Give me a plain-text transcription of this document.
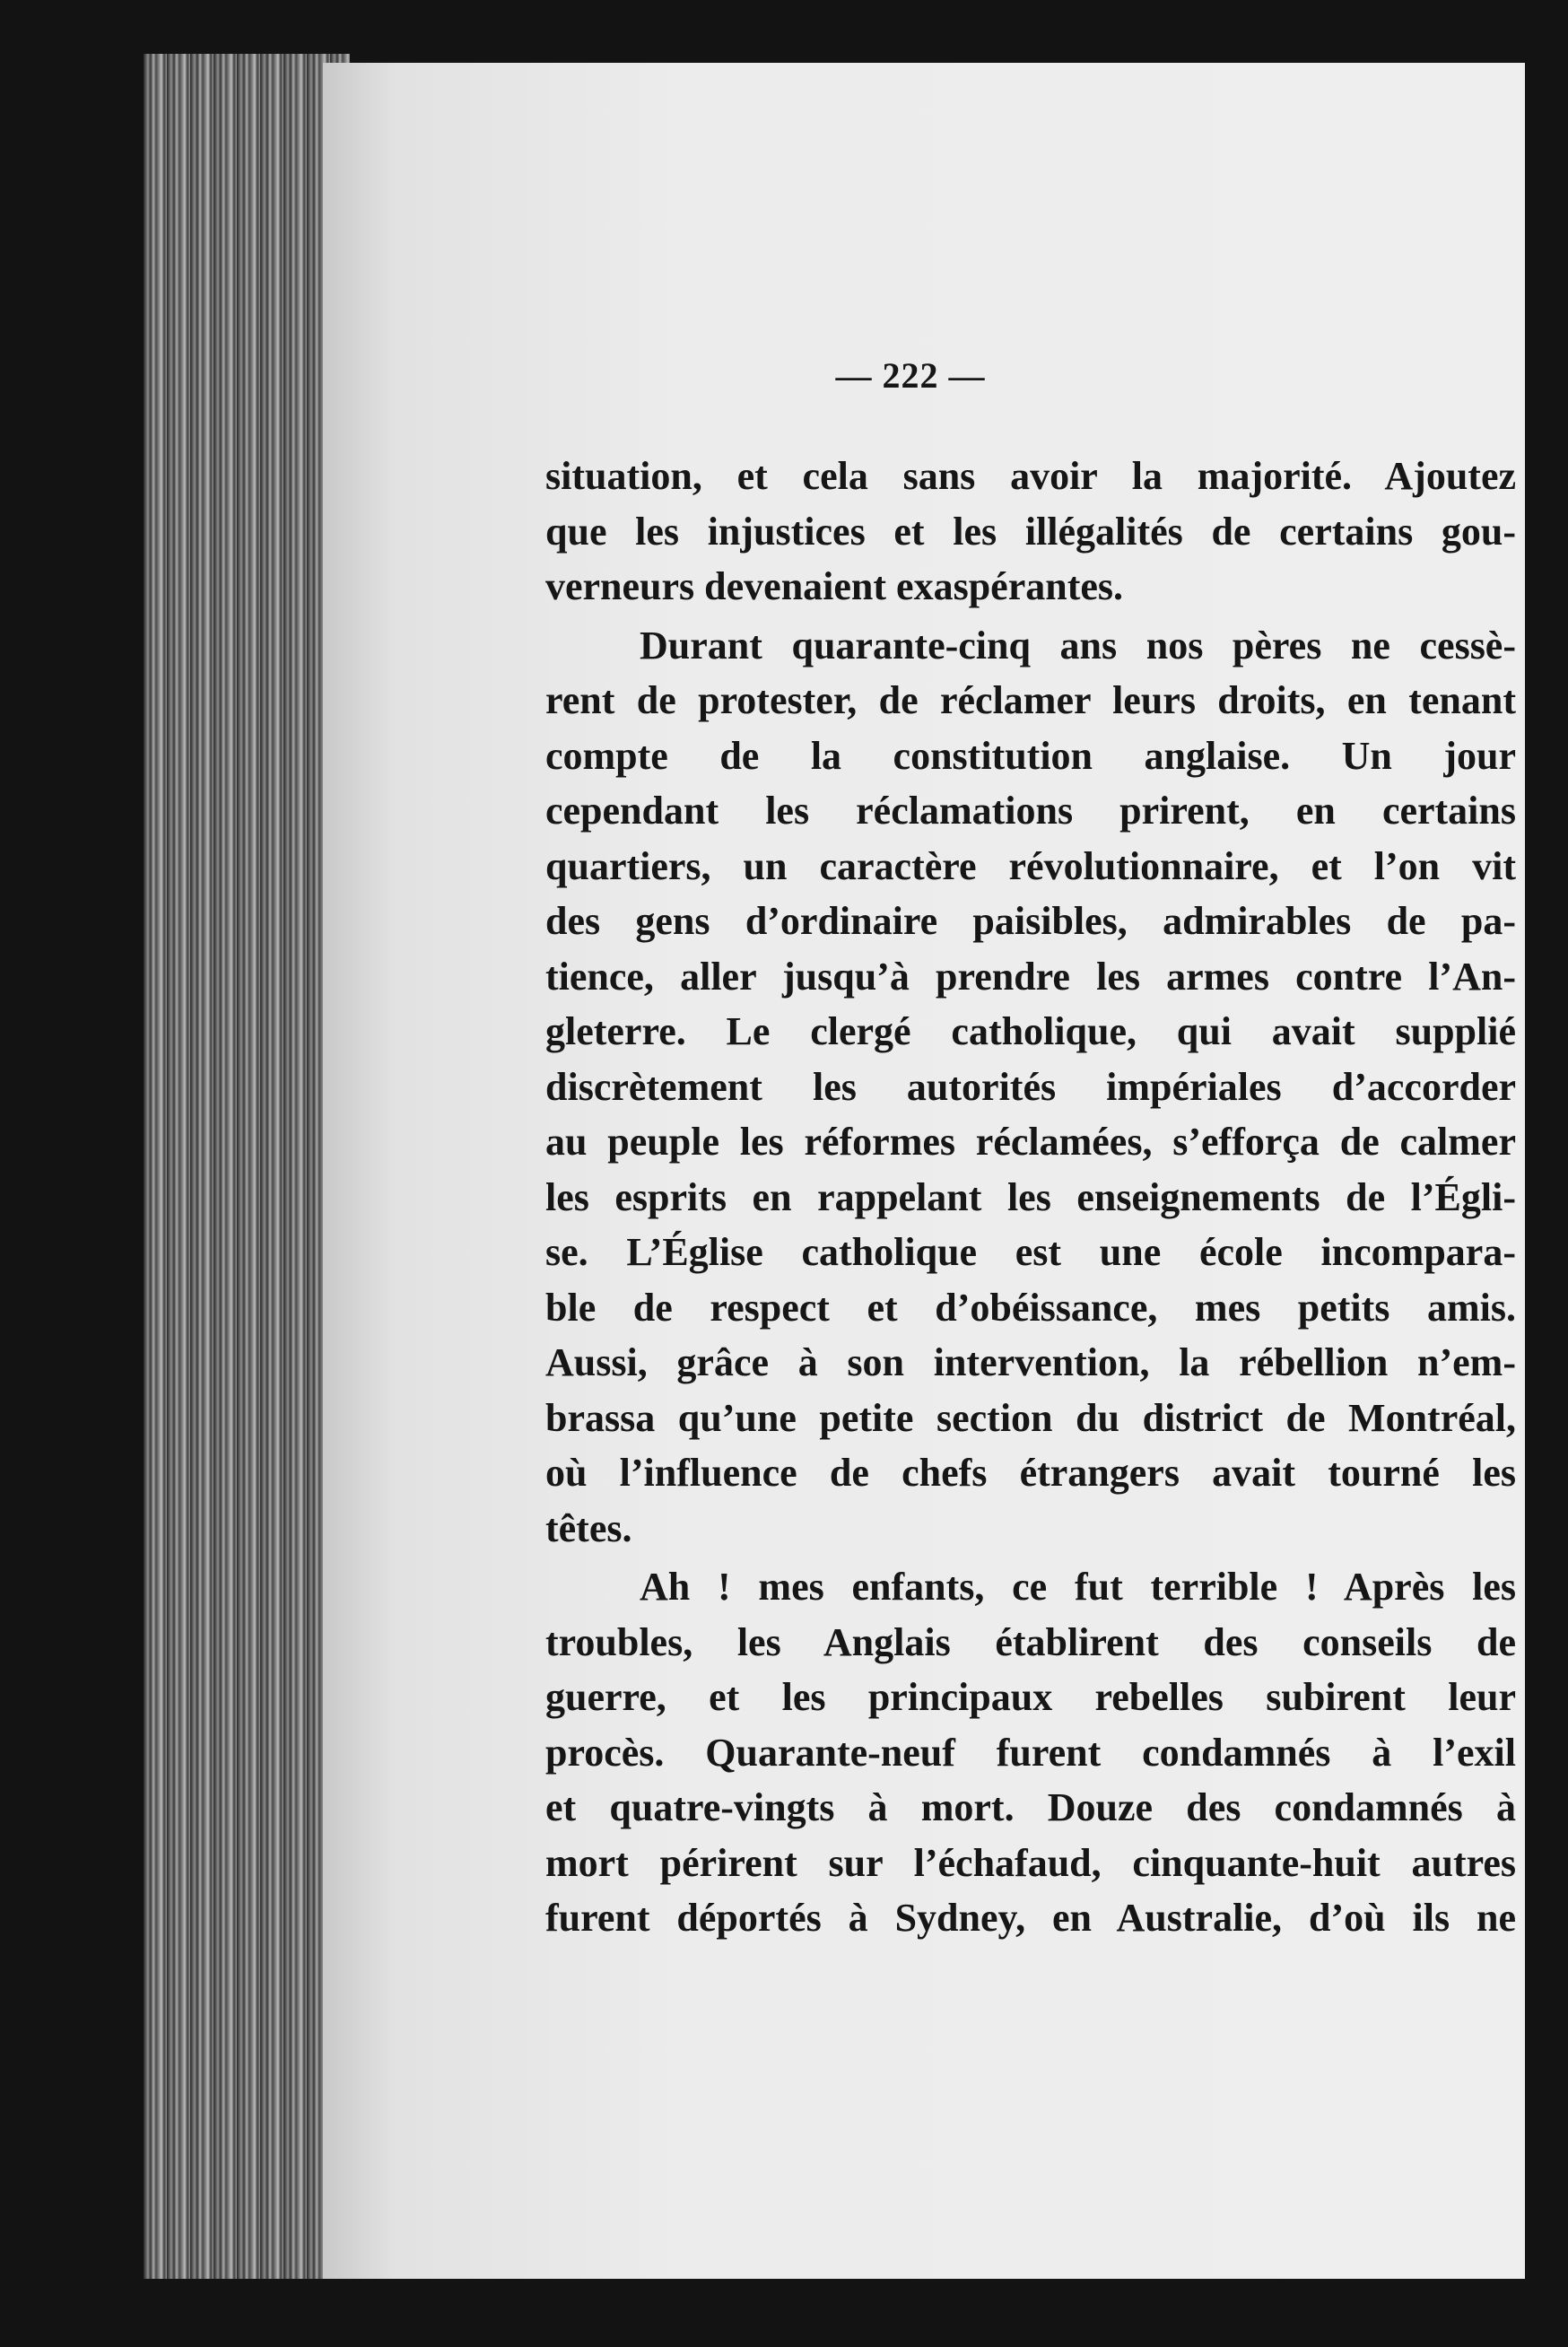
— 222 —
situation, et cela sans avoir la majorité. Ajoutez
que les injustices et les illégalités de certains gou-
verneurs devenaient exaspérantes.
Durant quarante-cinq ans nos pères ne cessè-
rent de protester, de réclamer leurs droits, en tenant
compte de la constitution anglaise. Un jour
cependant les réclamations prirent, en certains
quartiers, un caractère révolutionnaire, et l’on vit
des gens d’ordinaire paisibles, admirables de pa-
tience, aller jusqu’à prendre les armes contre l’An-
gleterre. Le clergé catholique, qui avait supplié
discrètement les autorités impériales d’accorder
au peuple les réformes réclamées, s’efforça de calmer
les esprits en rappelant les enseignements de l’Égli-
se. L’Église catholique est une école incompara-
ble de respect et d’obéissance, mes petits amis.
Aussi, grâce à son intervention, la rébellion n’em-
brassa qu’une petite section du district de Montréal,
où l’influence de chefs étrangers avait tourné les
têtes.
Ah ! mes enfants, ce fut terrible ! Après les
troubles, les Anglais établirent des conseils de
guerre, et les principaux rebelles subirent leur
procès. Quarante-neuf furent condamnés à l’exil
et quatre-vingts à mort. Douze des condamnés à
mort périrent sur l’échafaud, cinquante-huit autres
furent déportés à Sydney, en Australie, d’où ils ne
